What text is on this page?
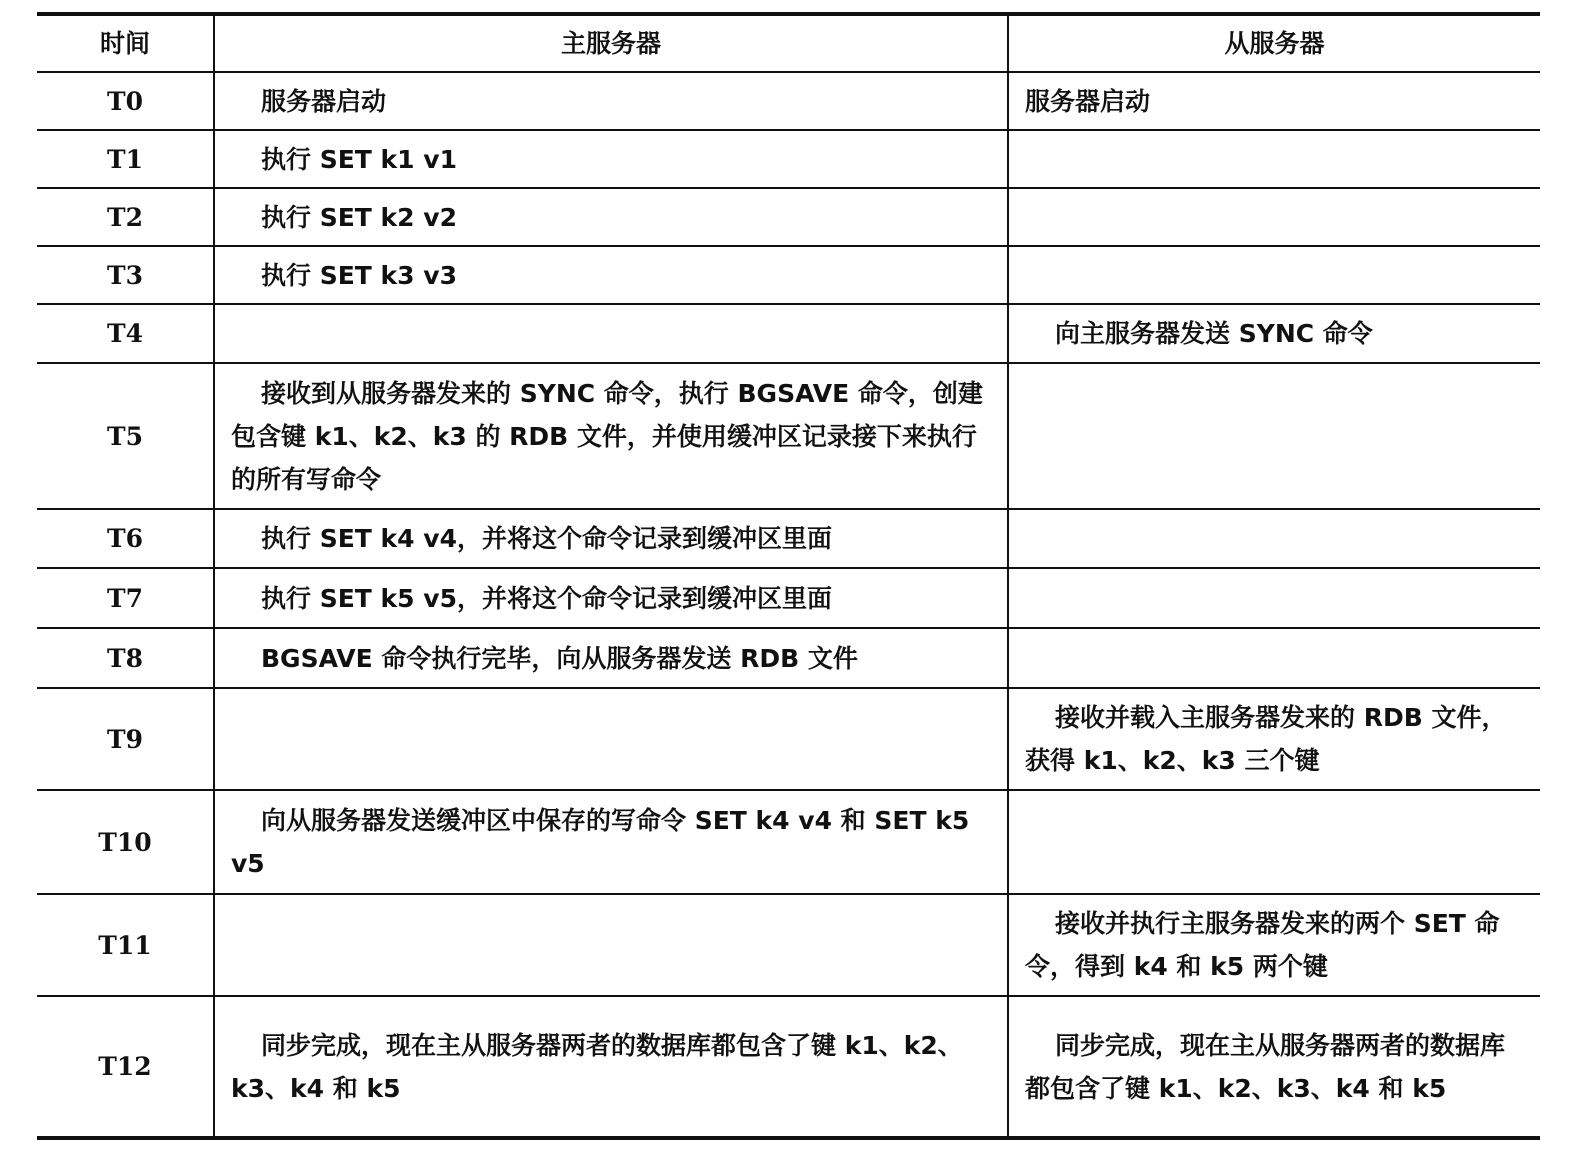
时间	主服务器	从服务器
T0	服务器启动	服务器启动

T1	执行 SET k1 v1	

T2	执行 SET k2 v2	

T3	执行 SET k3 v3	

T4		向主服务器发送 SYNC 命令

T5	接收到从服务器发来的 SYNC 命令，执行 BGSAVE 命令，创建包含键 k1、k2、k3 的 RDB 文件，并使用缓冲区记录接下来执行的所有写命令	

T6	执行 SET k4 v4，并将这个命令记录到缓冲区里面	

T7	执行 SET k5 v5，并将这个命令记录到缓冲区里面	

T8	BGSAVE 命令执行完毕，向从服务器发送 RDB 文件	

T9		接收并载入主服务器发来的 RDB 文件，获得 k1、k2、k3 三个键

T10	向从服务器发送缓冲区中保存的写命令 SET k4 v4 和 SET k5 v5	

T11		接收并执行主服务器发来的两个 SET 命令，得到 k4 和 k5 两个键

T12	同步完成，现在主从服务器两者的数据库都包含了键 k1、k2、k3、k4 和 k5	同步完成，现在主从服务器两者的数据库都包含了键 k1、k2、k3、k4 和 k5
